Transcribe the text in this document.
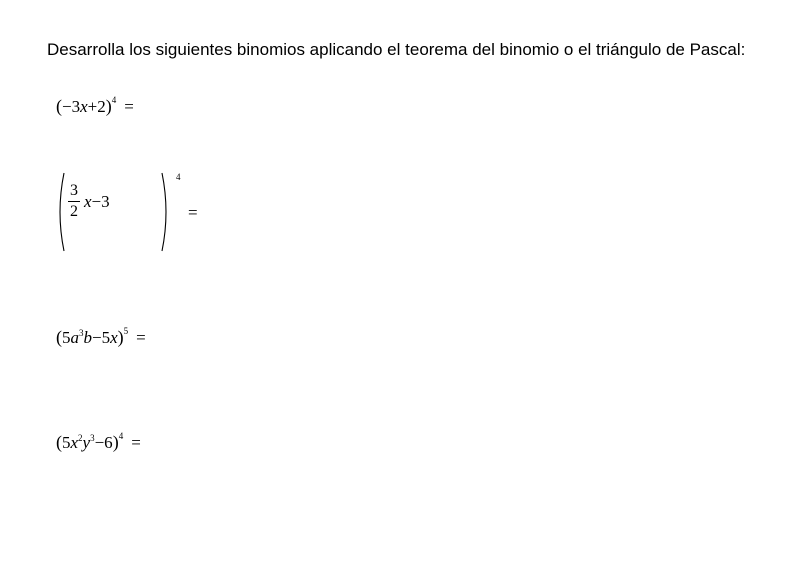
Desarrolla los siguientes binomios aplicando el teorema del binomio o el triángulo de Pascal:

$(-3x+2)^4$ =
3
2
x−3
4
=
$(5a^3b-5x)^5$ =
$(5x^2y^3-6)^4$ =
